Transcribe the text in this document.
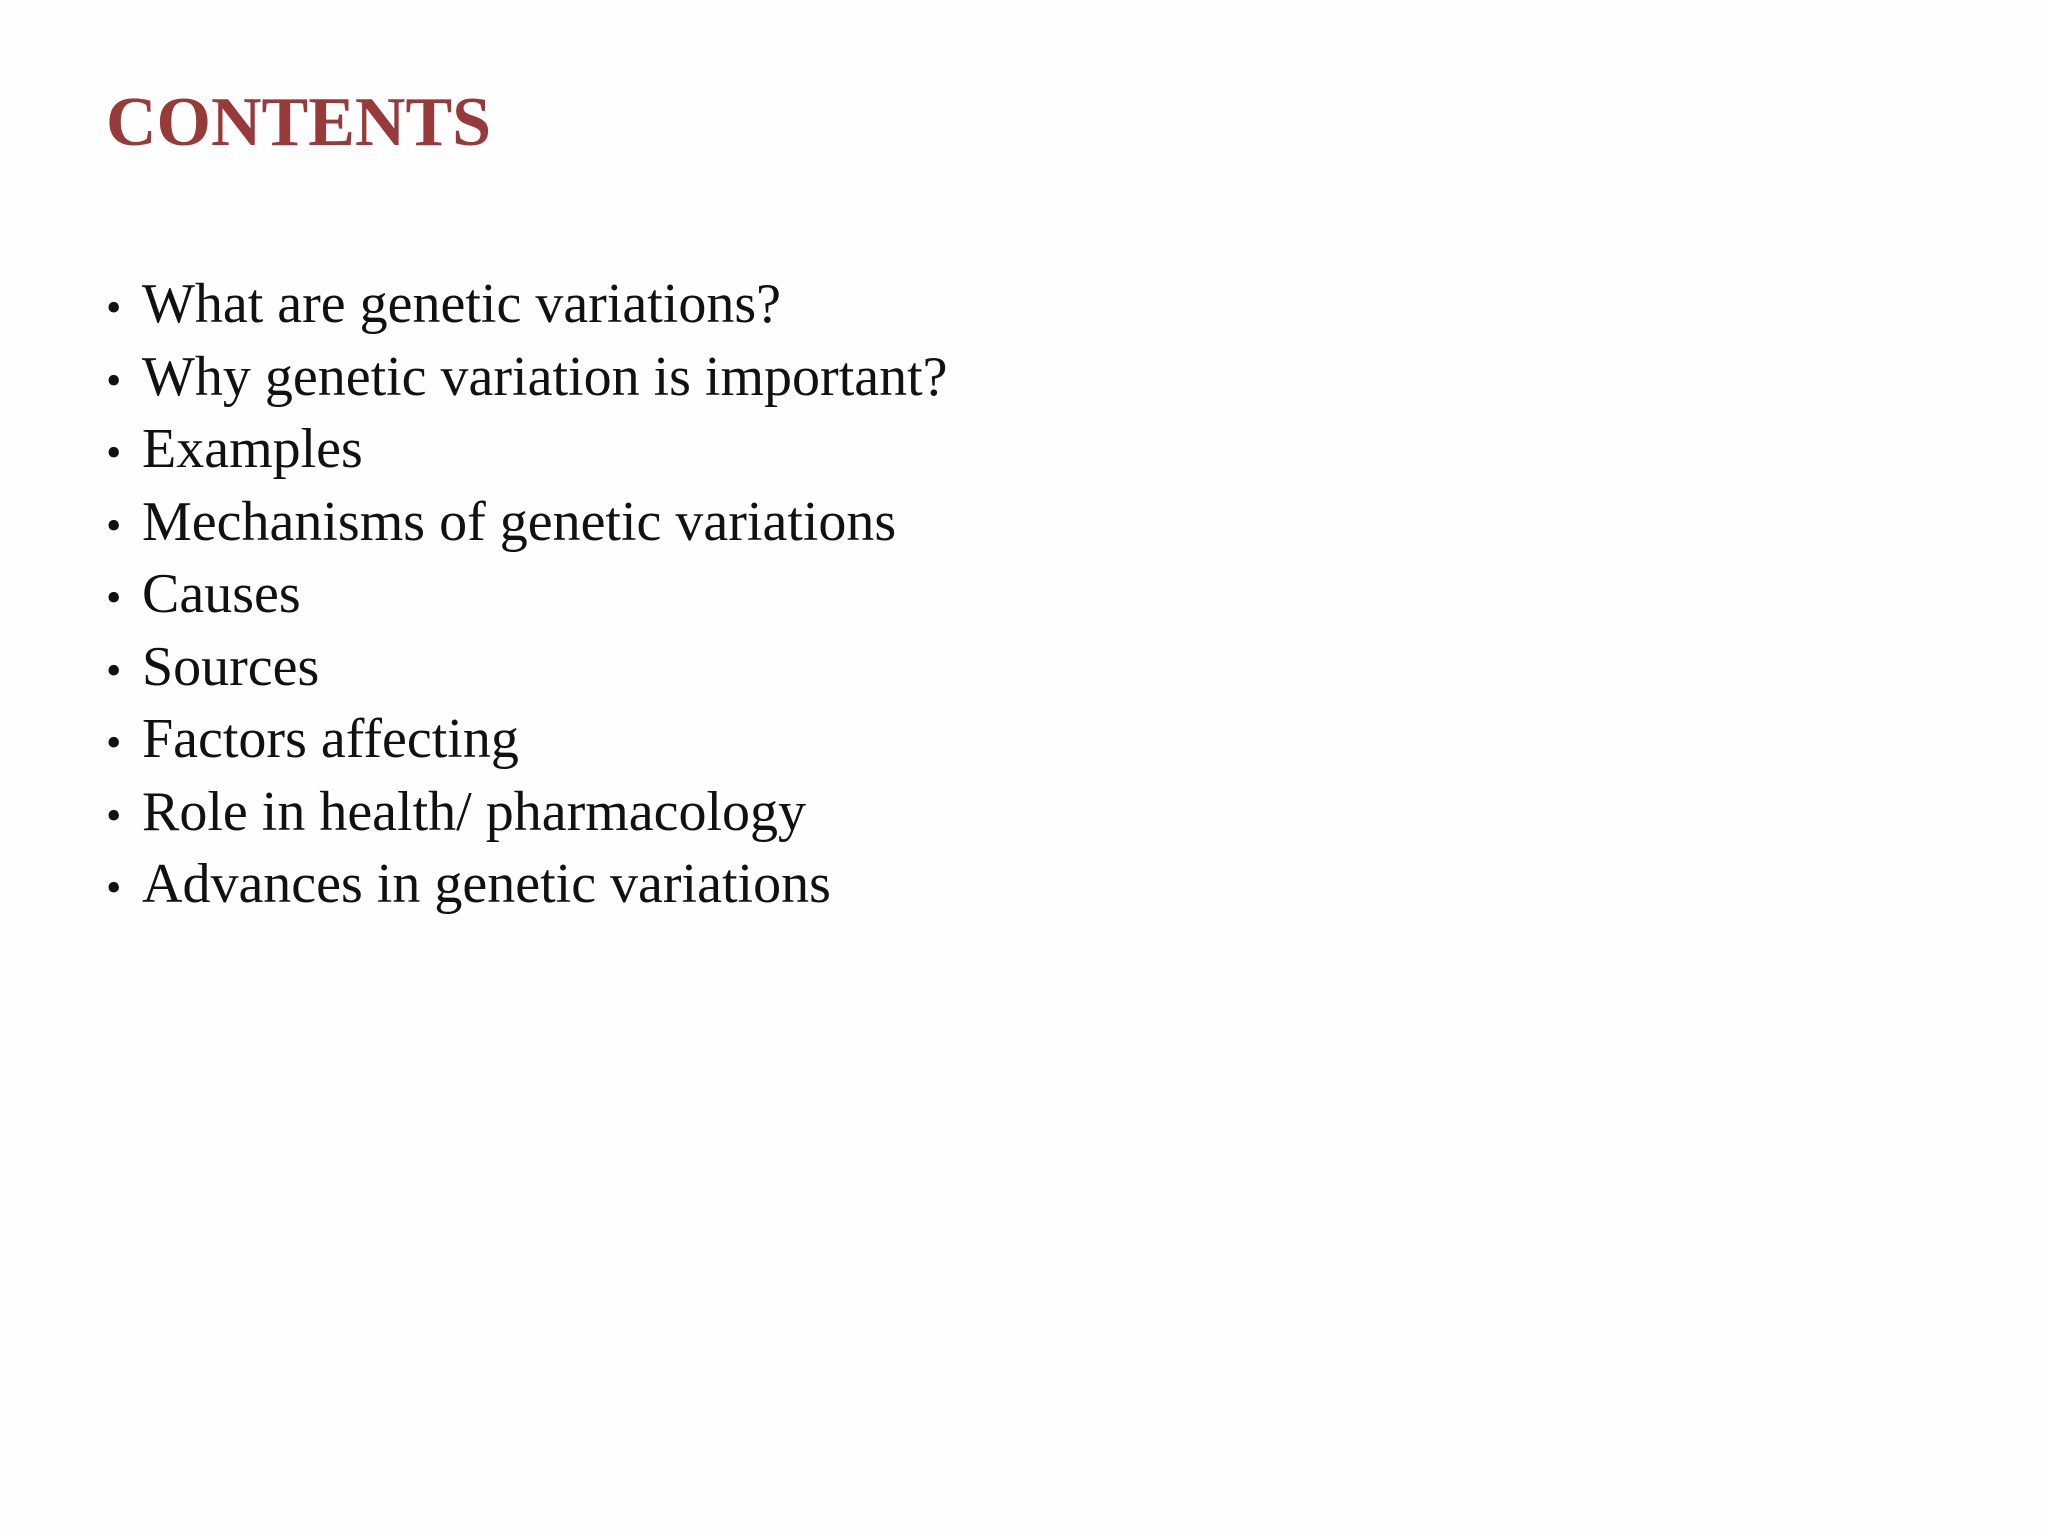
CONTENTS
• What are genetic variations?
• Why genetic variation is important?
• Examples
• Mechanisms of genetic variations
• Causes
• Sources
• Factors affecting
• Role in health/ pharmacology
• Advances in genetic variations
